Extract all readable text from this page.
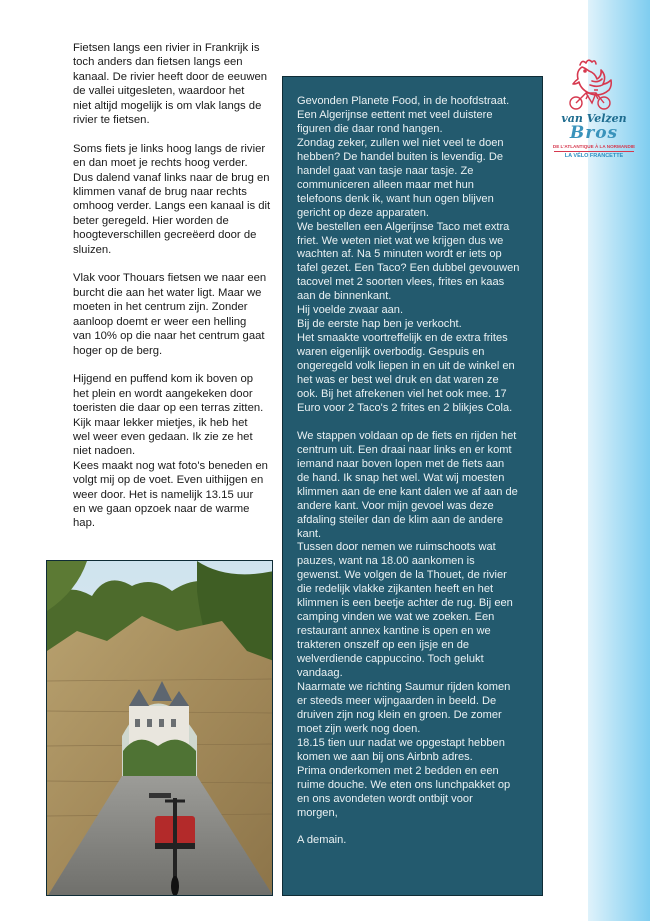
van Velzen
Bros
DE L'ATLANTIQUE À LA NORMANDIE
LA VÉLO FRANCETTE

Fietsen langs een rivier in Frankrijk is
toch anders dan fietsen langs een
kanaal. De rivier heeft door de eeuwen
de vallei uitgesleten, waardoor het
niet altijd mogelijk is om vlak langs de
rivier te fietsen.

Soms fiets je links hoog langs de rivier
en dan moet je rechts hoog verder.
Dus dalend vanaf links naar de brug en
klimmen vanaf de brug naar rechts
omhoog verder. Langs een kanaal is dit
beter geregeld. Hier worden de
hoogteverschillen gecreëerd door de
sluizen.

Vlak voor Thouars fietsen we naar een
burcht die aan het water ligt. Maar we
moeten in het centrum zijn. Zonder
aanloop doemt er weer een helling
van 10% op die naar het centrum gaat
hoger op de berg.

Hijgend en puffend kom ik boven op
het plein en wordt aangekeken door
toeristen die daar op een terras zitten.
Kijk maar lekker mietjes, ik heb het
wel weer even gedaan. Ik zie ze het
niet nadoen.
Kees maakt nog wat foto's beneden en
volgt mij op de voet. Even uithijgen en
weer door. Het is namelijk 13.15 uur
en we gaan opzoek naar de warme
hap.

Gevonden Planete Food, in de hoofdstraat.
Een Algerijnse eettent met veel duistere
figuren die daar rond hangen.
Zondag zeker, zullen wel niet veel te doen
hebben? De handel buiten is levendig. De
handel gaat van tasje naar tasje. Ze
communiceren alleen maar met hun
telefoons denk ik, want hun ogen blijven
gericht op deze apparaten.
We bestellen een Algerijnse Taco met extra
friet. We weten niet wat we krijgen dus we
wachten af. Na 5 minuten wordt er iets op
tafel gezet. Een Taco? Een dubbel gevouwen
tacovel met 2 soorten vlees, frites en kaas
aan de binnenkant.
Hij voelde zwaar aan.
Bij de eerste hap ben je verkocht.
Het smaakte voortreffelijk en de extra frites
waren eigenlijk overbodig. Gespuis en
ongeregeld volk liepen in en uit de winkel en
het was er best wel druk en dat waren ze
ook. Bij het afrekenen viel het ook mee. 17
Euro voor 2 Taco's 2 frites en 2 blikjes Cola.

We stappen voldaan op de fiets en rijden het
centrum uit. Een draai naar links en er komt
iemand naar boven lopen met de fiets aan
de hand. Ik snap het wel. Wat wij moesten
klimmen aan de ene kant dalen we af aan de
andere kant. Voor mijn gevoel was deze
afdaling steiler dan de klim aan de andere
kant.
Tussen door nemen we ruimschoots wat
pauzes, want na 18.00 aankomen is
gewenst. We volgen de la Thouet, de rivier
die redelijk vlakke zijkanten heeft en het
klimmen is een beetje achter de rug. Bij een
camping vinden we wat we zoeken. Een
restaurant annex kantine is open en we
trakteren onszelf op een ijsje en de
welverdiende cappuccino. Toch gelukt
vandaag.
Naarmate we richting Saumur rijden komen
er steeds meer wijngaarden in beeld. De
druiven zijn nog klein en groen. De zomer
moet zijn werk nog doen.
18.15 tien uur nadat we opgestapt hebben
komen we aan bij ons Airbnb adres.
Prima onderkomen met 2 bedden en een
ruime douche. We eten ons lunchpakket op
en ons avondeten wordt ontbijt voor
morgen,

A demain.
